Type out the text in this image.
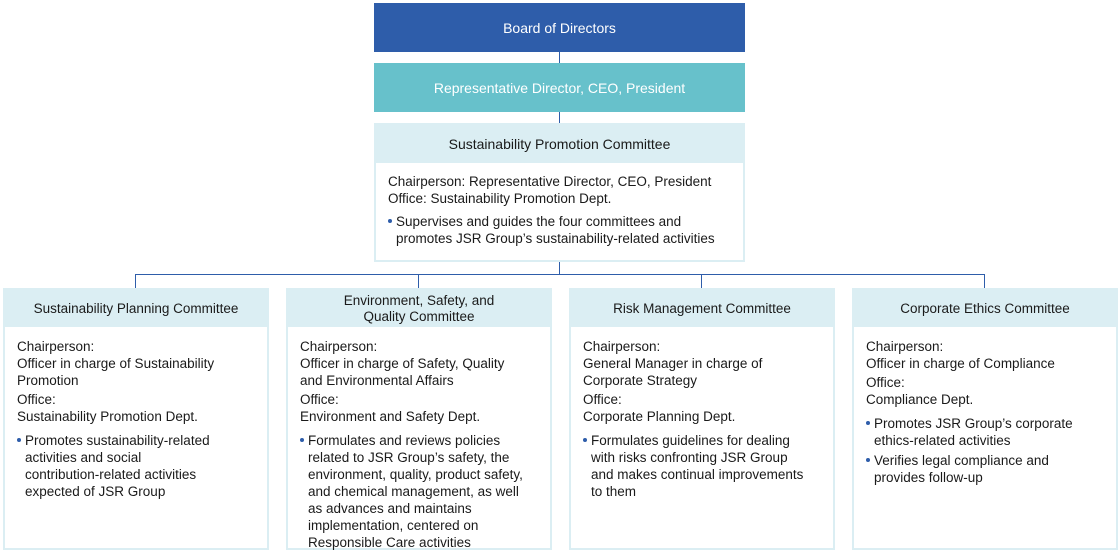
Board of Directors
Representative Director, CEO, President
Sustainability Promotion Committee
Chairperson: Representative Director, CEO, President
Office: Sustainability Promotion Dept.
Supervises and guides the four committees and
promotes JSR Group’s sustainability-related activities
Sustainability Planning Committee
Chairperson:
Officer in charge of Sustainability
Promotion
Office:
Sustainability Promotion Dept.
Promotes sustainability-related
activities and social
contribution-related activities
expected of JSR Group
Environment, Safety, and
Quality Committee
Chairperson:
Officer in charge of Safety, Quality
and Environmental Affairs
Office:
Environment and Safety Dept.
Formulates and reviews policies
related to JSR Group’s safety, the
environment, quality, product safety,
and chemical management, as well
as advances and maintains
implementation, centered on
Responsible Care activities
Risk Management Committee
Chairperson:
General Manager in charge of
Corporate Strategy
Office:
Corporate Planning Dept.
Formulates guidelines for dealing
with risks confronting JSR Group
and makes continual improvements
to them
Corporate Ethics Committee
Chairperson:
Officer in charge of Compliance
Office:
Compliance Dept.
Promotes JSR Group’s corporate
ethics-related activities
Verifies legal compliance and
provides follow-up
